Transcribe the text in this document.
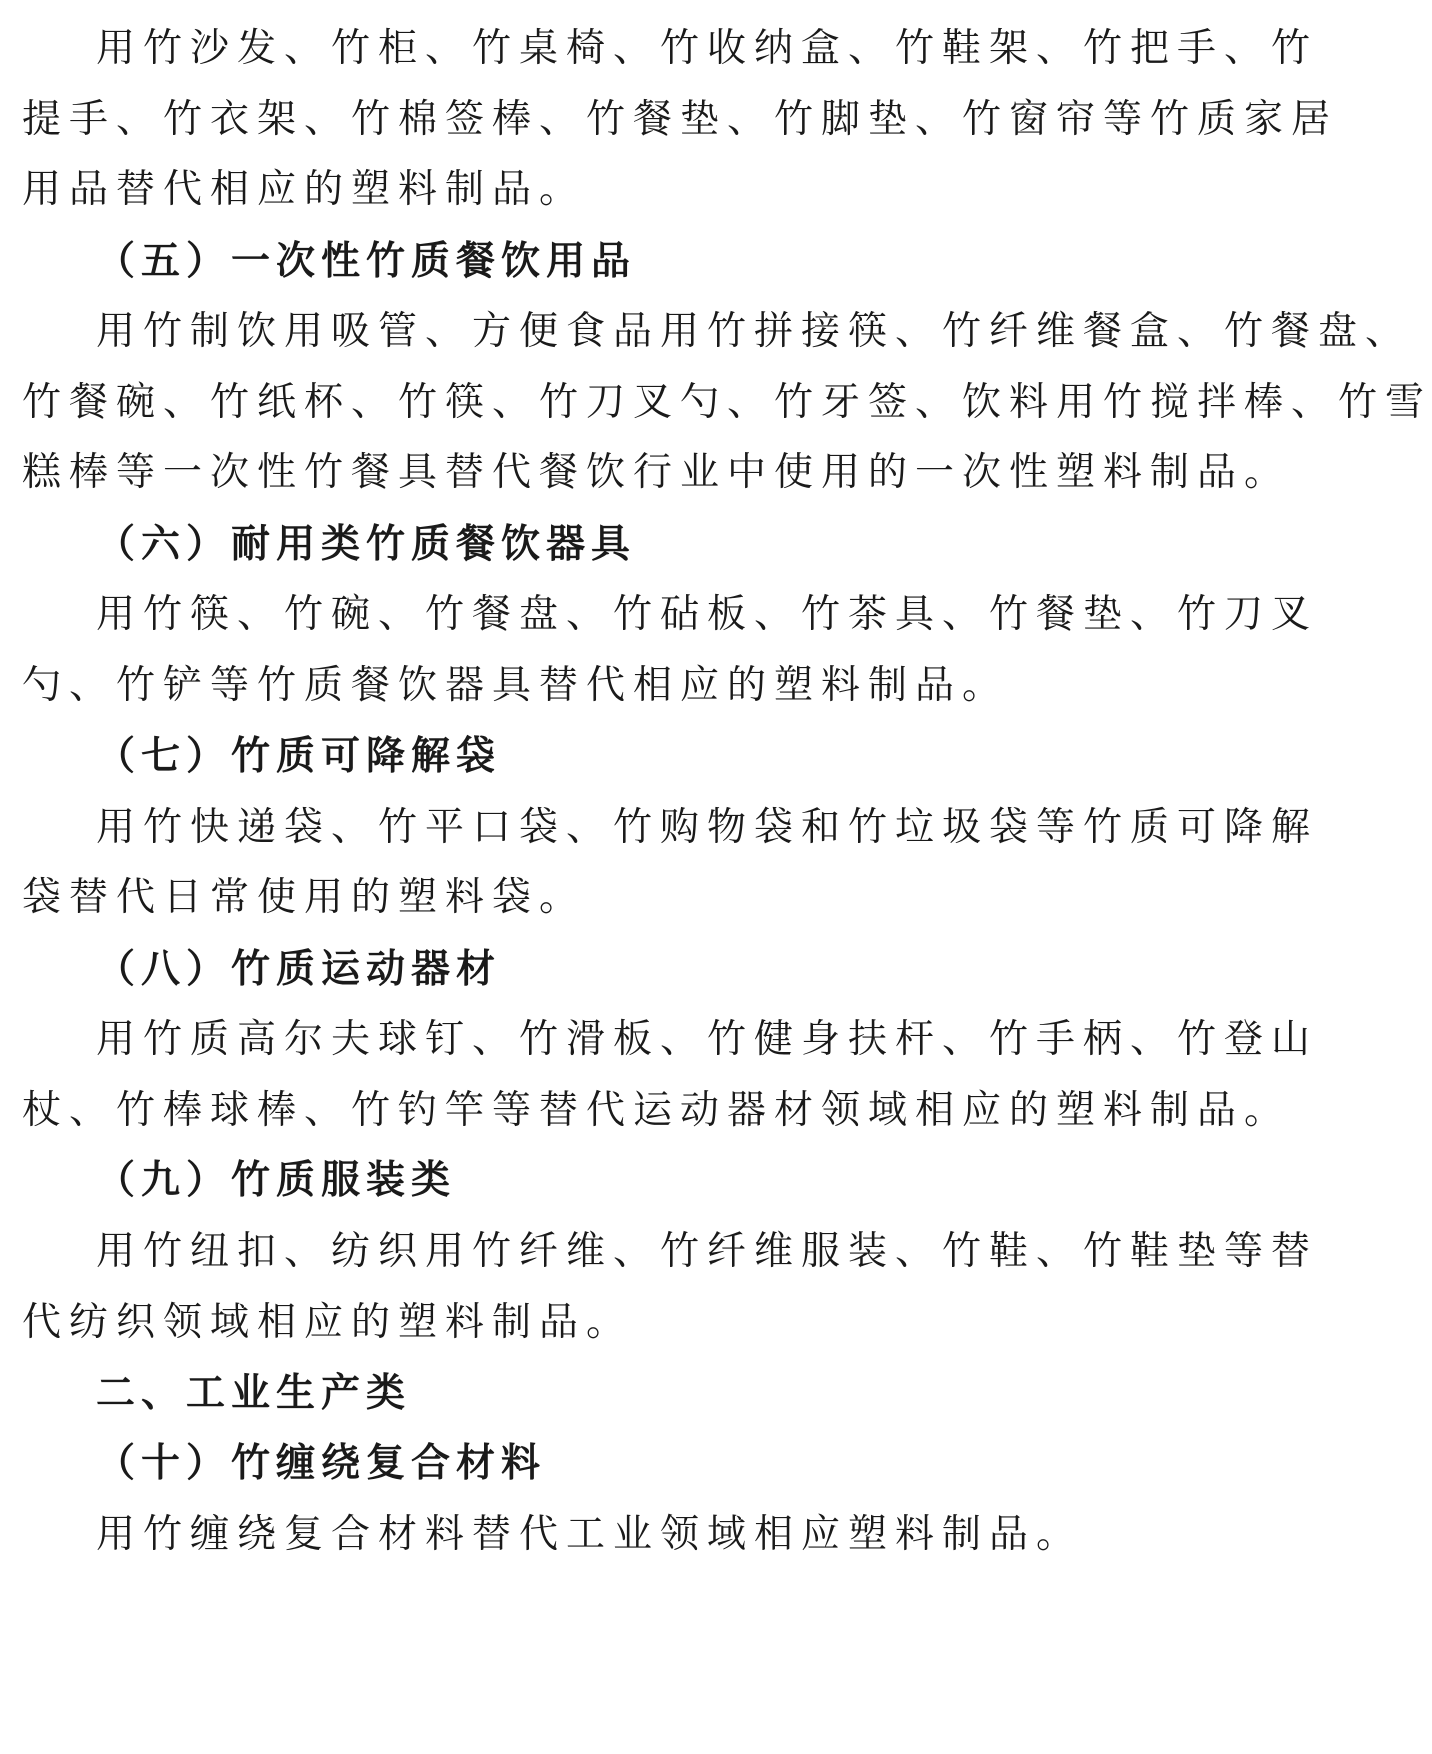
用竹沙发、竹柜、竹桌椅、竹收纳盒、竹鞋架、竹把手、竹
提手、竹衣架、竹棉签棒、竹餐垫、竹脚垫、竹窗帘等竹质家居
用品替代相应的塑料制品。
（五）一次性竹质餐饮用品
用竹制饮用吸管、方便食品用竹拼接筷、竹纤维餐盒、竹餐盘、
竹餐碗、竹纸杯、竹筷、竹刀叉勺、竹牙签、饮料用竹搅拌棒、竹雪
糕棒等一次性竹餐具替代餐饮行业中使用的一次性塑料制品。
（六）耐用类竹质餐饮器具
用竹筷、竹碗、竹餐盘、竹砧板、竹茶具、竹餐垫、竹刀叉
勺、竹铲等竹质餐饮器具替代相应的塑料制品。
（七）竹质可降解袋
用竹快递袋、竹平口袋、竹购物袋和竹垃圾袋等竹质可降解
袋替代日常使用的塑料袋。
（八）竹质运动器材
用竹质高尔夫球钉、竹滑板、竹健身扶杆、竹手柄、竹登山
杖、竹棒球棒、竹钓竿等替代运动器材领域相应的塑料制品。
（九）竹质服装类
用竹纽扣、纺织用竹纤维、竹纤维服装、竹鞋、竹鞋垫等替
代纺织领域相应的塑料制品。
二、工业生产类
（十）竹缠绕复合材料
用竹缠绕复合材料替代工业领域相应塑料制品。
